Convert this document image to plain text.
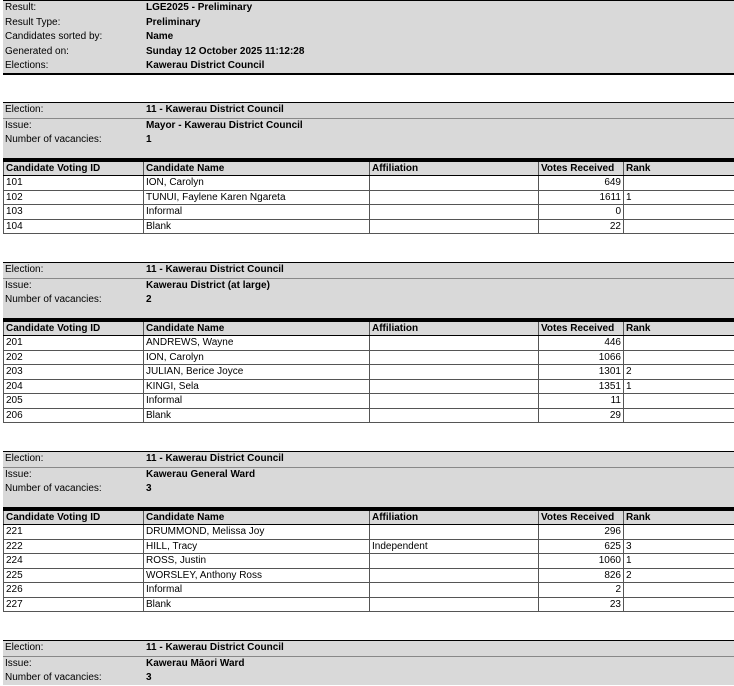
Result:	LGE2025 - Preliminary
Result Type:	Preliminary
Candidates sorted by:	Name
Generated on:	Sunday 12 October 2025 11:12:28
Elections:	Kawerau District Council
Election:	11 - Kawerau District Council
Issue:	Mayor - Kawerau District Council
Number of vacancies:	1
Candidate Voting ID	Candidate Name	Affiliation	Votes Received	Rank
101	ION, Carolyn		649	
102	TUNUI, Faylene Karen Ngareta		1611	1
103	Informal		0	
104	Blank		22	
Election:	11 - Kawerau District Council
Issue:	Kawerau District (at large)
Number of vacancies:	2
Candidate Voting ID	Candidate Name	Affiliation	Votes Received	Rank
201	ANDREWS, Wayne		446	
202	ION, Carolyn		1066	
203	JULIAN, Berice Joyce		1301	2
204	KINGI, Sela		1351	1
205	Informal		11	
206	Blank		29	
Election:	11 - Kawerau District Council
Issue:	Kawerau General Ward
Number of vacancies:	3
Candidate Voting ID	Candidate Name	Affiliation	Votes Received	Rank
221	DRUMMOND, Melissa Joy		296	
222	HILL, Tracy	Independent	625	3
224	ROSS, Justin		1060	1
225	WORSLEY, Anthony Ross		826	2
226	Informal		2	
227	Blank		23	
Election:	11 - Kawerau District Council
Issue:	Kawerau Māori Ward
Number of vacancies:	3
